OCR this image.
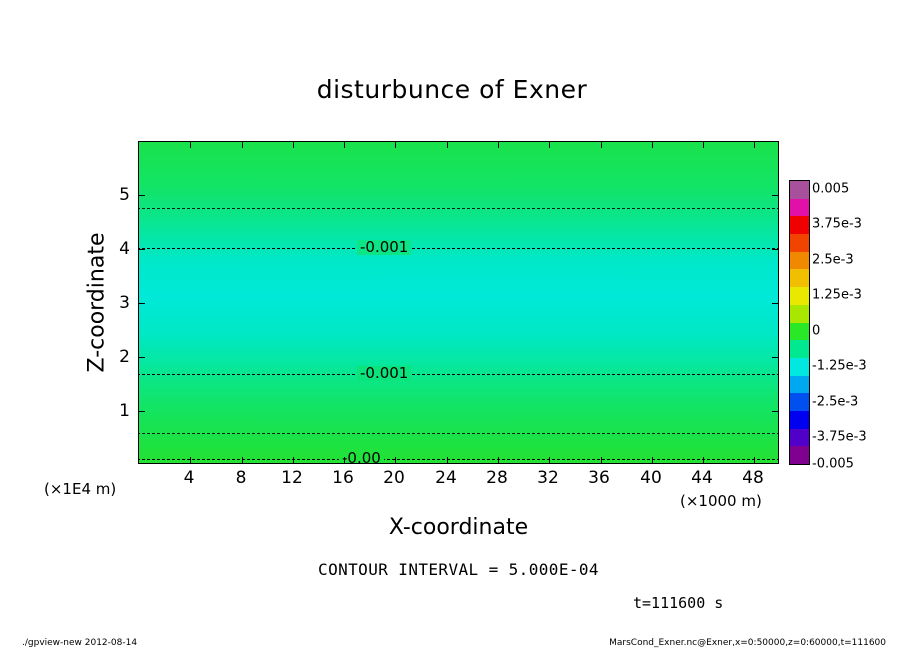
disturbunce of Exner
-0.001
-0.001
-0.00
4	8	12	16	20	24	28	32	36	40	44	48
1
2
3
4
5
X-coordinate
Z-coordinate
(×1000 m)
(×1E4 m)
CONTOUR INTERVAL = 5.000E-04
t=111600 s
./gpview-new 2012-08-14	MarsCond_Exner.nc@Exner,x=0:50000,z=0:60000,t=111600
0.005
3.75e-3
2.5e-3
1.25e-3
0
-1.25e-3
-2.5e-3
-3.75e-3
-0.005
